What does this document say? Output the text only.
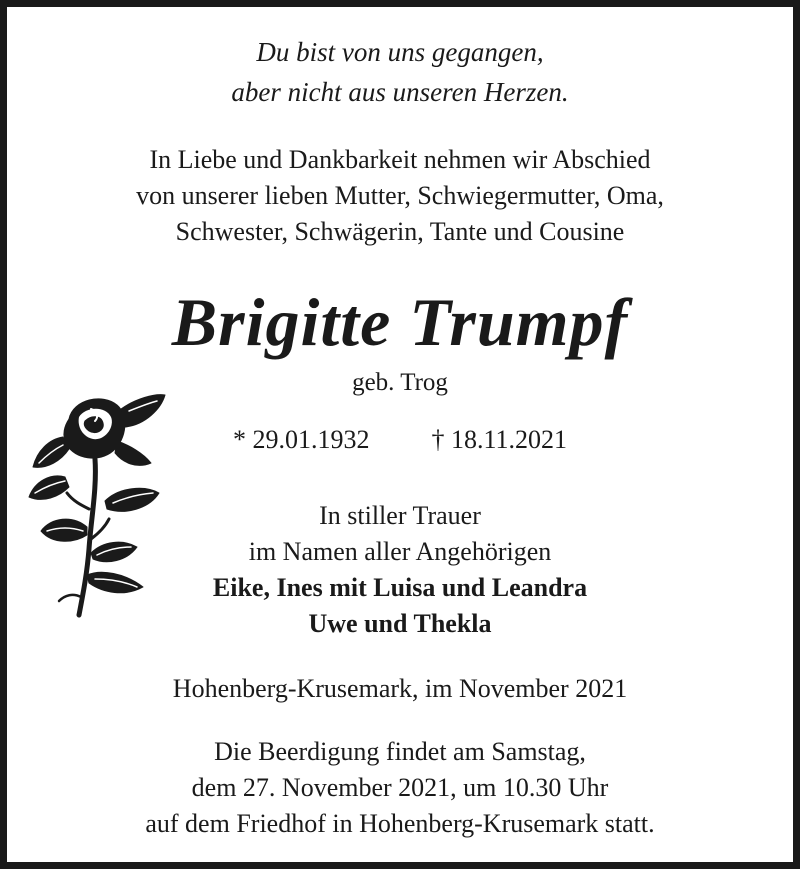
Du bist von uns gegangen,
aber nicht aus unseren Herzen.
In Liebe und Dankbarkeit nehmen wir Abschied
von unserer lieben Mutter, Schwiegermutter, Oma,
Schwester, Schwägerin, Tante und Cousine
Brigitte Trumpf
geb. Trog
* 29.01.1932 † 18.11.2021
In stiller Trauer
im Namen aller Angehörigen
Eike, Ines mit Luisa und Leandra
Uwe und Thekla
Hohenberg-Krusemark, im November 2021
Die Beerdigung findet am Samstag,
dem 27. November 2021, um 10.30 Uhr
auf dem Friedhof in Hohenberg-Krusemark statt.
